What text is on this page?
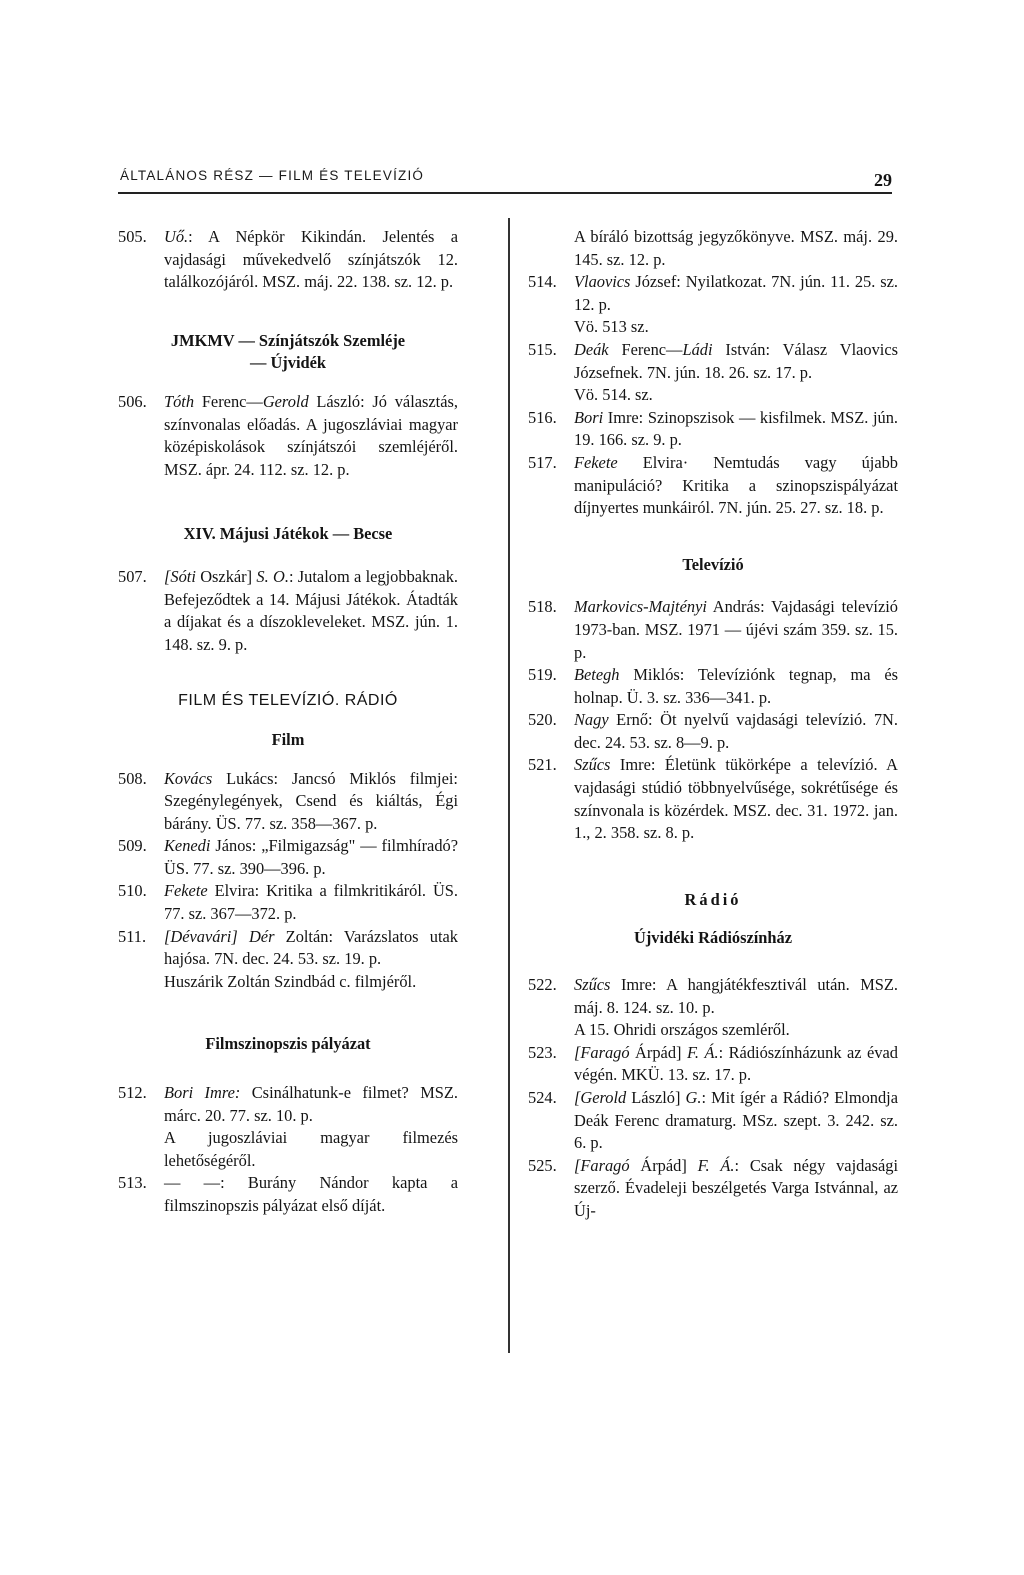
ÁLTALÁNOS RÉSZ — FILM ÉS TELEVÍZIÓ	29
505.	Uő.: A Népkör Kikindán. Jelentés a vajdasági művekedvelő színjátszók 12. találkozójáról. MSZ. máj. 22. 138. sz. 12. p.
JMKMV — Színjátszók Szemléje
— Újvidék
506.	Tóth Ferenc—Gerold László: Jó választás, színvonalas előadás. A jugoszláviai magyar középiskolások színjátszói szemléjéről. MSZ. ápr. 24. 112. sz. 12. p.
XIV. Májusi Játékok — Becse
507.	[Sóti Oszkár] S. O.: Jutalom a legjobbaknak. Befejeződtek a 14. Májusi Játékok. Átadták a díjakat és a díszokleveleket. MSZ. jún. 1. 148. sz. 9. p.
FILM ÉS TELEVÍZIÓ. RÁDIÓ
Film
508.	Kovács Lukács: Jancsó Miklós filmjei: Szegénylegények, Csend és kiáltás, Égi bárány. ÜS. 77. sz. 358—367. p.
509.	Kenedi János: „Filmigazság" — filmhíradó? ÜS. 77. sz. 390—396. p.
510.	Fekete Elvira: Kritika a filmkritikáról. ÜS. 77. sz. 367—372. p.
511.	[Dévavári] Dér Zoltán: Varázslatos utak hajósa. 7N. dec. 24. 53. sz. 19. p.
Huszárik Zoltán Szindbád c. filmjéről.
Filmszinopszis pályázat
512.	Bori Imre: Csinálhatunk-e filmet? MSZ. márc. 20. 77. sz. 10. p.
A jugoszláviai magyar filmezés lehetőségéről.
513.	— —: Burány Nándor kapta a filmszinopszis pályázat első díját.
A bíráló bizottság jegyzőkönyve. MSZ. máj. 29. 145. sz. 12. p.
514.	Vlaovics József: Nyilatkozat. 7N. jún. 11. 25. sz. 12. p.
Vö. 513 sz.
515.	Deák Ferenc—Ládi István: Válasz Vlaovics Józsefnek. 7N. jún. 18. 26. sz. 17. p.
Vö. 514. sz.
516.	Bori Imre: Szinopszisok — kisfilmek. MSZ. jún. 19. 166. sz. 9. p.
517.	Fekete Elvira· Nemtudás vagy újabb manipuláció? Kritika a szinopszispályázat díjnyertes munkáiról. 7N. jún. 25. 27. sz. 18. p.
Televízió
518.	Markovics-Majtényi András: Vajdasági televízió 1973-ban. MSZ. 1971 — újévi szám 359. sz. 15. p.
519.	Betegh Miklós: Televíziónk tegnap, ma és holnap. Ü. 3. sz. 336—341. p.
520.	Nagy Ernő: Öt nyelvű vajdasági televízió. 7N. dec. 24. 53. sz. 8—9. p.
521.	Szűcs Imre: Életünk tükörképe a televízió. A vajdasági stúdió többnyelvűsége, sokrétűsége és színvonala is közérdek. MSZ. dec. 31. 1972. jan. 1., 2. 358. sz. 8. p.
Rádió
Újvidéki Rádiószínház
522.	Szűcs Imre: A hangjátékfesztivál után. MSZ. máj. 8. 124. sz. 10. p.
A 15. Ohridi országos szemléről.
523.	[Faragó Árpád] F. Á.: Rádiószínházunk az évad végén. MKÜ. 13. sz. 17. p.
524.	[Gerold László] G.: Mit ígér a Rádió? Elmondja Deák Ferenc dramaturg. MSz. szept. 3. 242. sz. 6. p.
525.	[Faragó Árpád] F. Á.: Csak négy vajdasági szerző. Évadeleji beszélgetés Varga Istvánnal, az Új-
